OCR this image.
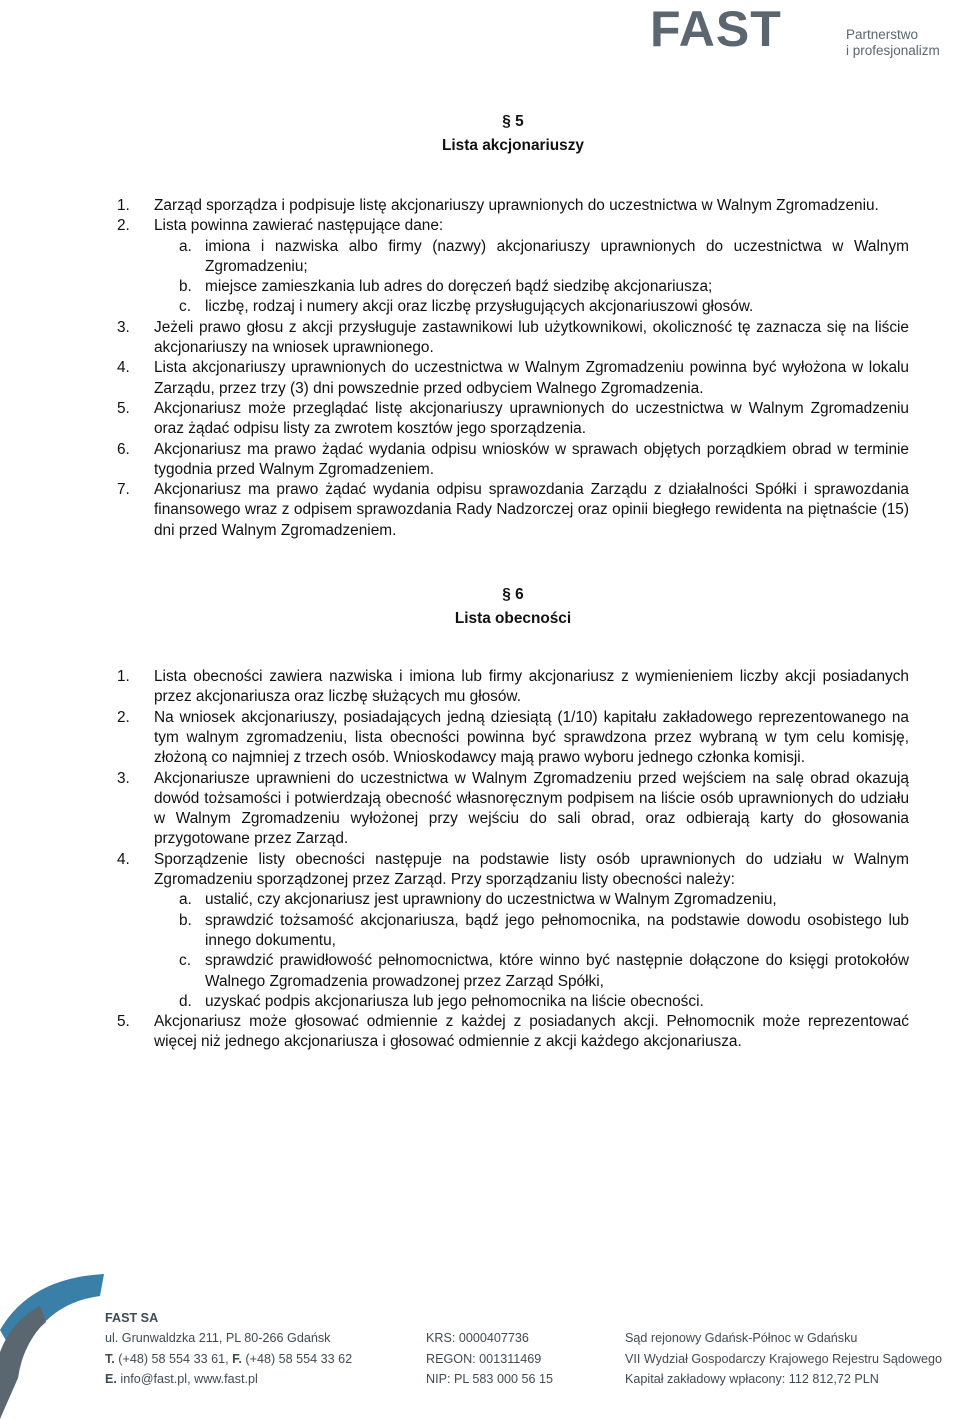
FAST	Partnerstwo
i profesjonalizm
§ 5
Lista akcjonariuszy
1. Zarząd sporządza i podpisuje listę akcjonariuszy uprawnionych do uczestnictwa w Walnym Zgromadzeniu.
2. Lista powinna zawierać następujące dane:
a. imiona i nazwiska albo firmy (nazwy) akcjonariuszy uprawnionych do uczestnictwa w Walnym Zgromadzeniu;
b. miejsce zamieszkania lub adres do doręczeń bądź siedzibę akcjonariusza;
c. liczbę, rodzaj i numery akcji oraz liczbę przysługujących akcjonariuszowi głosów.
3. Jeżeli prawo głosu z akcji przysługuje zastawnikowi lub użytkownikowi, okoliczność tę zaznacza się na liście akcjonariuszy na wniosek uprawnionego.
4. Lista akcjonariuszy uprawnionych do uczestnictwa w Walnym Zgromadzeniu powinna być wyłożona w lokalu Zarządu, przez trzy (3) dni powszednie przed odbyciem Walnego Zgromadzenia.
5. Akcjonariusz może przeglądać listę akcjonariuszy uprawnionych do uczestnictwa w Walnym Zgromadzeniu oraz żądać odpisu listy za zwrotem kosztów jego sporządzenia.
6. Akcjonariusz ma prawo żądać wydania odpisu wniosków w sprawach objętych porządkiem obrad w terminie tygodnia przed Walnym Zgromadzeniem.
7. Akcjonariusz ma prawo żądać wydania odpisu sprawozdania Zarządu z działalności Spółki i sprawozdania finansowego wraz z odpisem sprawozdania Rady Nadzorczej oraz opinii biegłego rewidenta na piętnaście (15) dni przed Walnym Zgromadzeniem.
§ 6
Lista obecności
1. Lista obecności zawiera nazwiska i imiona lub firmy akcjonariusz z wymienieniem liczby akcji posiadanych przez akcjonariusza oraz liczbę służących mu głosów.
2. Na wniosek akcjonariuszy, posiadających jedną dziesiątą (1/10) kapitału zakładowego reprezentowanego na tym walnym zgromadzeniu, lista obecności powinna być sprawdzona przez wybraną w tym celu komisję, złożoną co najmniej z trzech osób. Wnioskodawcy mają prawo wyboru jednego członka komisji.
3. Akcjonariusze uprawnieni do uczestnictwa w Walnym Zgromadzeniu przed wejściem na salę obrad okazują dowód tożsamości i potwierdzają obecność własnoręcznym podpisem na liście osób uprawnionych do udziału w Walnym Zgromadzeniu wyłożonej przy wejściu do sali obrad, oraz odbierają karty do głosowania przygotowane przez Zarząd.
4. Sporządzenie listy obecności następuje na podstawie listy osób uprawnionych do udziału w Walnym Zgromadzeniu sporządzonej przez Zarząd. Przy sporządzaniu listy obecności należy:
a. ustalić, czy akcjonariusz jest uprawniony do uczestnictwa w Walnym Zgromadzeniu,
b. sprawdzić tożsamość akcjonariusza, bądź jego pełnomocnika, na podstawie dowodu osobistego lub innego dokumentu,
c. sprawdzić prawidłowość pełnomocnictwa, które winno być następnie dołączone do księgi protokołów Walnego Zgromadzenia prowadzonej przez Zarząd Spółki,
d. uzyskać podpis akcjonariusza lub jego pełnomocnika na liście obecności.
5. Akcjonariusz może głosować odmiennie z każdej z posiadanych akcji. Pełnomocnik może reprezentować więcej niż jednego akcjonariusza i głosować odmiennie z akcji każdego akcjonariusza.
FAST SA
ul. Grunwaldzka 211, PL 80-266 Gdańsk
T. (+48) 58 554 33 61, F. (+48) 58 554 33 62
E. info@fast.pl, www.fast.pl
KRS: 0000407736
REGON: 001311469
NIP: PL 583 000 56 15
Sąd rejonowy Gdańsk-Północ w Gdańsku
VII Wydział Gospodarczy Krajowego Rejestru Sądowego
Kapitał zakładowy wpłacony: 112 812,72 PLN
